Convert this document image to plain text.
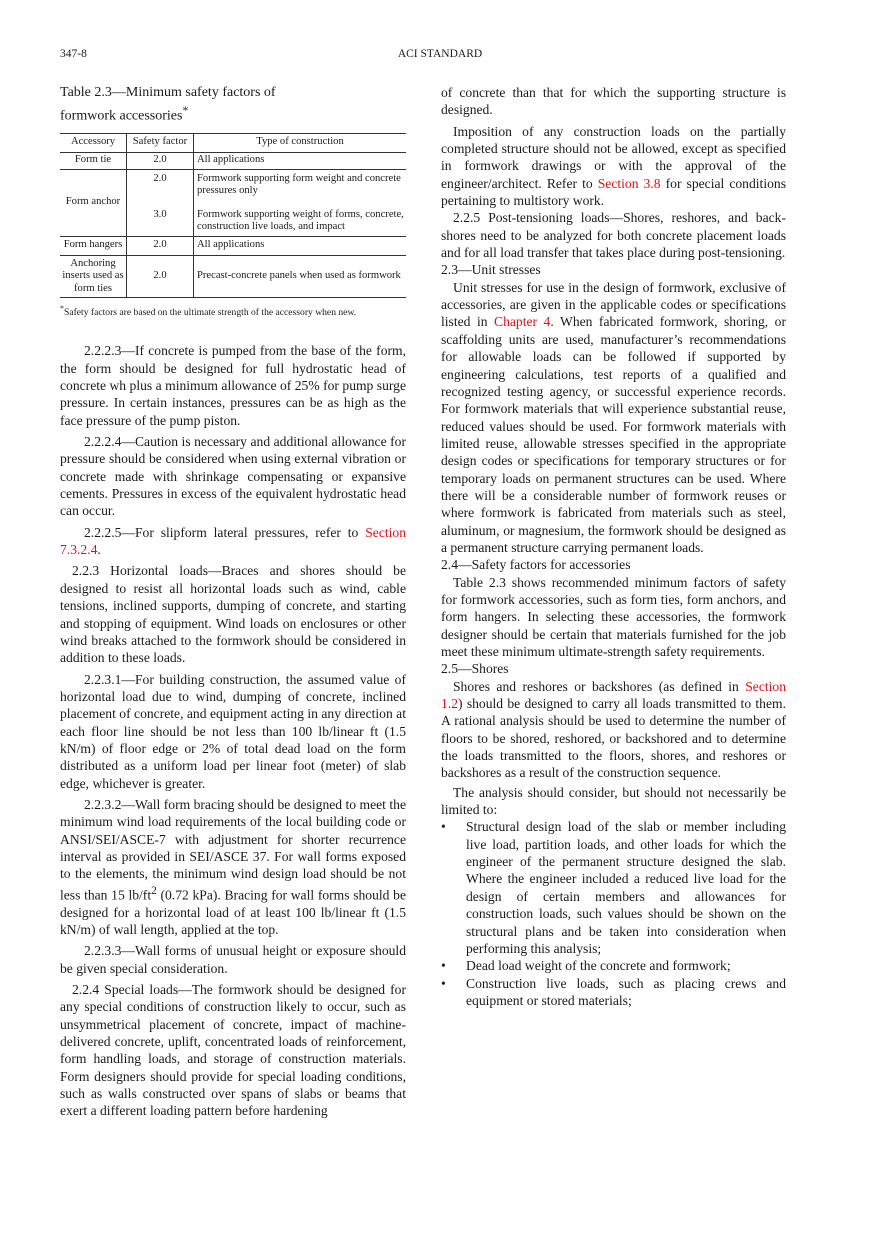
347-8	ACI STANDARD
Table 2.3—Minimum safety factors of
formwork accessories*
Accessory	Safety factor	Type of construction
Form tie	2.0	All applications
Form anchor	2.0	Formwork supporting form weight and concrete pressures only
	3.0	Formwork supporting weight of forms, concrete, construction live loads, and impact
Form hangers	2.0	All applications
Anchoring inserts used as form ties	2.0	Precast-concrete panels when used as formwork
*Safety factors are based on the ultimate strength of the accessory when new.

2.2.2.3—If concrete is pumped from the base of the form, the form should be designed for full hydrostatic head of concrete wh plus a minimum allowance of 25% for pump surge pressure. In certain instances, pressures can be as high as the face pressure of the pump piston.

2.2.2.4—Caution is necessary and additional allowance for pressure should be considered when using external vibration or concrete made with shrinkage compensating or expansive cements. Pressures in excess of the equivalent hydrostatic head can occur.

2.2.2.5—For slipform lateral pressures, refer to Section 7.3.2.4.

2.2.3 Horizontal loads—Braces and shores should be designed to resist all horizontal loads such as wind, cable tensions, inclined supports, dumping of concrete, and starting and stopping of equipment. Wind loads on enclosures or other wind breaks attached to the formwork should be considered in addition to these loads.

2.2.3.1—For building construction, the assumed value of horizontal load due to wind, dumping of concrete, inclined placement of concrete, and equipment acting in any direction at each floor line should be not less than 100 lb/linear ft (1.5 kN/m) of floor edge or 2% of total dead load on the form distributed as a uniform load per linear foot (meter) of slab edge, whichever is greater.

2.2.3.2—Wall form bracing should be designed to meet the minimum wind load requirements of the local building code or ANSI/SEI/ASCE-7 with adjustment for shorter recurrence interval as provided in SEI/ASCE 37. For wall forms exposed to the elements, the minimum wind design load should be not less than 15 $lb/ft^2$ (0.72 kPa). Bracing for wall forms should be designed for a horizontal load of at least 100 lb/linear ft (1.5 kN/m) of wall length, applied at the top.

2.2.3.3—Wall forms of unusual height or exposure should be given special consideration.

2.2.4 Special loads—The formwork should be designed for any special conditions of construction likely to occur, such as unsymmetrical placement of concrete, impact of machine-delivered concrete, uplift, concentrated loads of reinforcement, form handling loads, and storage of construction materials. Form designers should provide for special loading conditions, such as walls constructed over spans of slabs or beams that exert a different loading pattern before hardening

of concrete than that for which the supporting structure is designed.

Imposition of any construction loads on the partially completed structure should not be allowed, except as specified in formwork drawings or with the approval of the engineer/architect. Refer to Section 3.8 for special conditions pertaining to multistory work.

2.2.5 Post-tensioning loads—Shores, reshores, and back-shores need to be analyzed for both concrete placement loads and for all load transfer that takes place during post-tensioning.

2.3—Unit stresses

Unit stresses for use in the design of formwork, exclusive of accessories, are given in the applicable codes or specifications listed in Chapter 4. When fabricated formwork, shoring, or scaffolding units are used, manufacturer’s recommendations for allowable loads can be followed if supported by engineering calculations, test reports of a qualified and recognized testing agency, or successful experience records. For formwork materials that will experience substantial reuse, reduced values should be used. For formwork materials with limited reuse, allowable stresses specified in the appropriate design codes or specifications for temporary structures or for temporary loads on permanent structures can be used. Where there will be a considerable number of formwork reuses or where formwork is fabricated from materials such as steel, aluminum, or magnesium, the formwork should be designed as a permanent structure carrying permanent loads.

2.4—Safety factors for accessories

Table 2.3 shows recommended minimum factors of safety for formwork accessories, such as form ties, form anchors, and form hangers. In selecting these accessories, the formwork designer should be certain that materials furnished for the job meet these minimum ultimate-strength safety requirements.

2.5—Shores

Shores and reshores or backshores (as defined in Section 1.2) should be designed to carry all loads transmitted to them. A rational analysis should be used to determine the number of floors to be shored, reshored, or backshored and to determine the loads transmitted to the floors, shores, and reshores or backshores as a result of the construction sequence.

The analysis should consider, but should not necessarily be limited to:

• Structural design load of the slab or member including live load, partition loads, and other loads for which the engineer of the permanent structure designed the slab. Where the engineer included a reduced live load for the design of certain members and allowances for construction loads, such values should be shown on the structural plans and be taken into consideration when performing this analysis;
• Dead load weight of the concrete and formwork;
• Construction live loads, such as placing crews and equipment or stored materials;
